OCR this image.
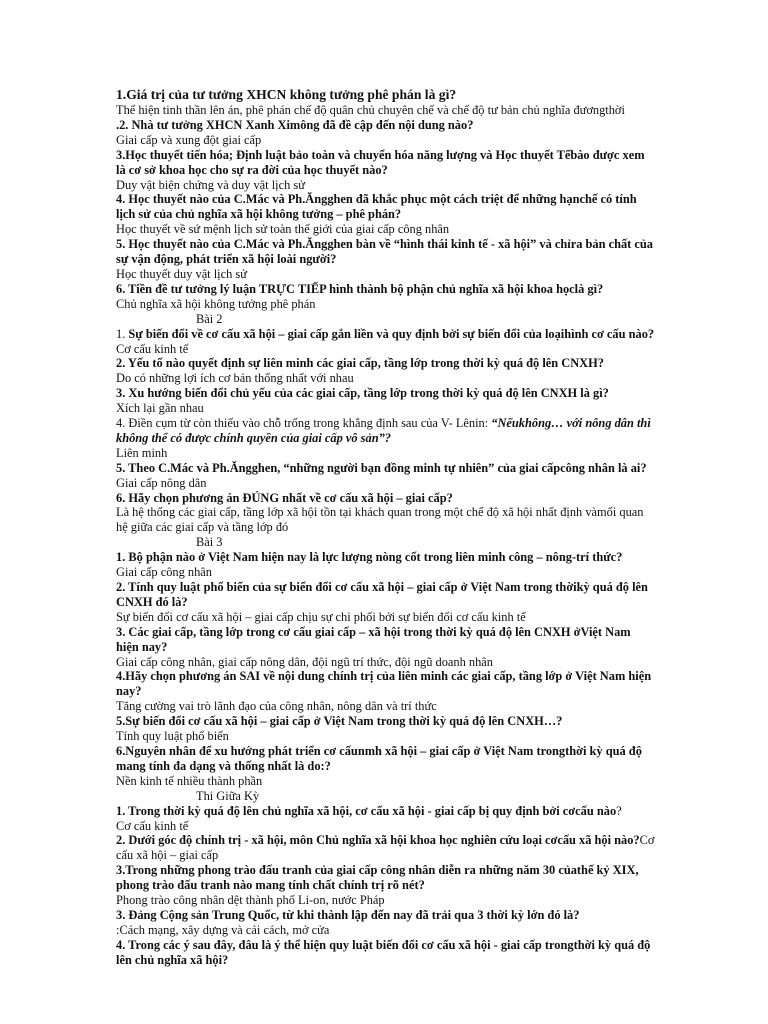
1.Giá trị của tư tưởng XHCN không tưởng phê phán là gì?

Thể hiện tinh thần lên án, phê phán chế độ quân chủ chuyên chế và chế độ tư bản chủ nghĩa đươngthời

.2. Nhà tư tưởng XHCN Xanh Ximông đã đề cập đến nội dung nào?

Giai cấp và xung đột giai cấp

3.Học thuyết tiến hóa; Định luật bảo toàn và chuyển hóa năng lượng và Học thuyết Tếbào được xem là cơ sở khoa học cho sự ra đời của học thuyết nào?

Duy vật biện chứng và duy vật lịch sử

4. Học thuyết nào của C.Mác và Ph.Ăngghen đã khắc phục một cách triệt để những hạnchế có tính lịch sử của chủ nghĩa xã hội không tưởng – phê phán?

Học thuyết về sứ mệnh lịch sử toàn thế giới của giai cấp công nhân

5. Học thuyết nào của C.Mác và Ph.Ăngghen bàn về “hình thái kinh tế - xã hội” và chỉra bản chất của sự vận động, phát triển xã hội loài người?

Học thuyết duy vật lịch sử

6. Tiền đề tư tưởng lý luận TRỰC TIẾP hình thành bộ phận chủ nghĩa xã hội khoa họclà gì?

Chủ nghĩa xã hội không tưởng phê phán

Bài 2

1. Sự biến đổi về cơ cấu xã hội – giai cấp gắn liền và quy định bởi sự biến đổi của loạihình cơ cấu nào? Cơ cấu kinh tế

2. Yếu tố nào quyết định sự liên minh các giai cấp, tầng lớp trong thời kỳ quá độ lên CNXH?

Do có những lợi ích cơ bản thống nhất với nhau

3. Xu hướng biến đổi chủ yếu của các giai cấp, tầng lớp trong thời kỳ quá độ lên CNXH là gì?

Xích lại gần nhau

4. Điền cụm từ còn thiếu vào chỗ trống trong khẳng định sau của V- Lênin: “Nếukhông… với nông dân thì không thể có được chính quyền của giai cấp vô sản”?

Liên minh

5. Theo C.Mác và Ph.Ăngghen, “những người bạn đồng minh tự nhiên” của giai cấpcông nhân là ai?

Giai cấp nông dân

6. Hãy chọn phương án ĐÚNG nhất về cơ cấu xã hội – giai cấp?

Là hệ thống các giai cấp, tầng lớp xã hội tồn tại khách quan trong một chế độ xã hội nhất định vàmối quan hệ giữa các giai cấp và tầng lớp đó

Bài 3

1. Bộ phận nào ở Việt Nam hiện nay là lực lượng nòng cốt trong liên minh công – nông-trí thức?

Giai cấp công nhân

2. Tính quy luật phổ biến của sự biến đổi cơ cấu xã hội – giai cấp ở Việt Nam trong thờikỳ quá độ lên CNXH đó là?

Sự biến đổi cơ cấu xã hội – giai cấp chịu sự chi phối bởi sự biến đổi cơ cấu kinh tế

3. Các giai cấp, tầng lớp trong cơ cấu giai cấp – xã hội trong thời kỳ quá độ lên CNXH ởViệt Nam hiện nay?

Giai cấp công nhân, giai cấp nông dân, đội ngũ trí thức, đội ngũ doanh nhân

4.Hãy chọn phương án SAI về nội dung chính trị của liên minh các giai cấp, tầng lớp ở Việt Nam hiện nay?

Tăng cường vai trò lãnh đạo của công nhân, nông dân và trí thức

5.Sự biến đổi cơ cấu xã hội – giai cấp ở Việt Nam trong thời kỳ quá độ lên CNXH…?

Tính quy luật phổ biến

6.Nguyên nhân để xu hướng phát triển cơ cấunmh xã hội – giai cấp ở Việt Nam trongthời kỳ quá độ mang tính đa dạng và thống nhất là do:?

Nền kinh tế nhiều thành phần

Thi Giữa Kỳ

1. Trong thời kỳ quá độ lên chủ nghĩa xã hội, cơ cấu xã hội - giai cấp bị quy định bởi cơcấu nào?

Cơ cấu kinh tế

2. Dưới góc độ chính trị - xã hội, môn Chủ nghĩa xã hội khoa học nghiên cứu loại cơcấu xã hội nào?Cơ cấu xã hội – giai cấp

3.Trong những phong trào đấu tranh của giai cấp công nhân diễn ra những năm 30 củathế kỷ XIX, phong trào đấu tranh nào mang tính chất chính trị rõ nét?

Phong trào công nhân dệt thành phố Li-on, nước Pháp

3. Đảng Cộng sản Trung Quốc, từ khi thành lập đến nay đã trải qua 3 thời kỳ lớn đó là?

:Cách mạng, xây dựng và cải cách, mở cửa

4. Trong các ý sau đây, đâu là ý thể hiện quy luật biến đổi cơ cấu xã hội - giai cấp trongthời kỳ quá độ lên chủ nghĩa xã hội?
